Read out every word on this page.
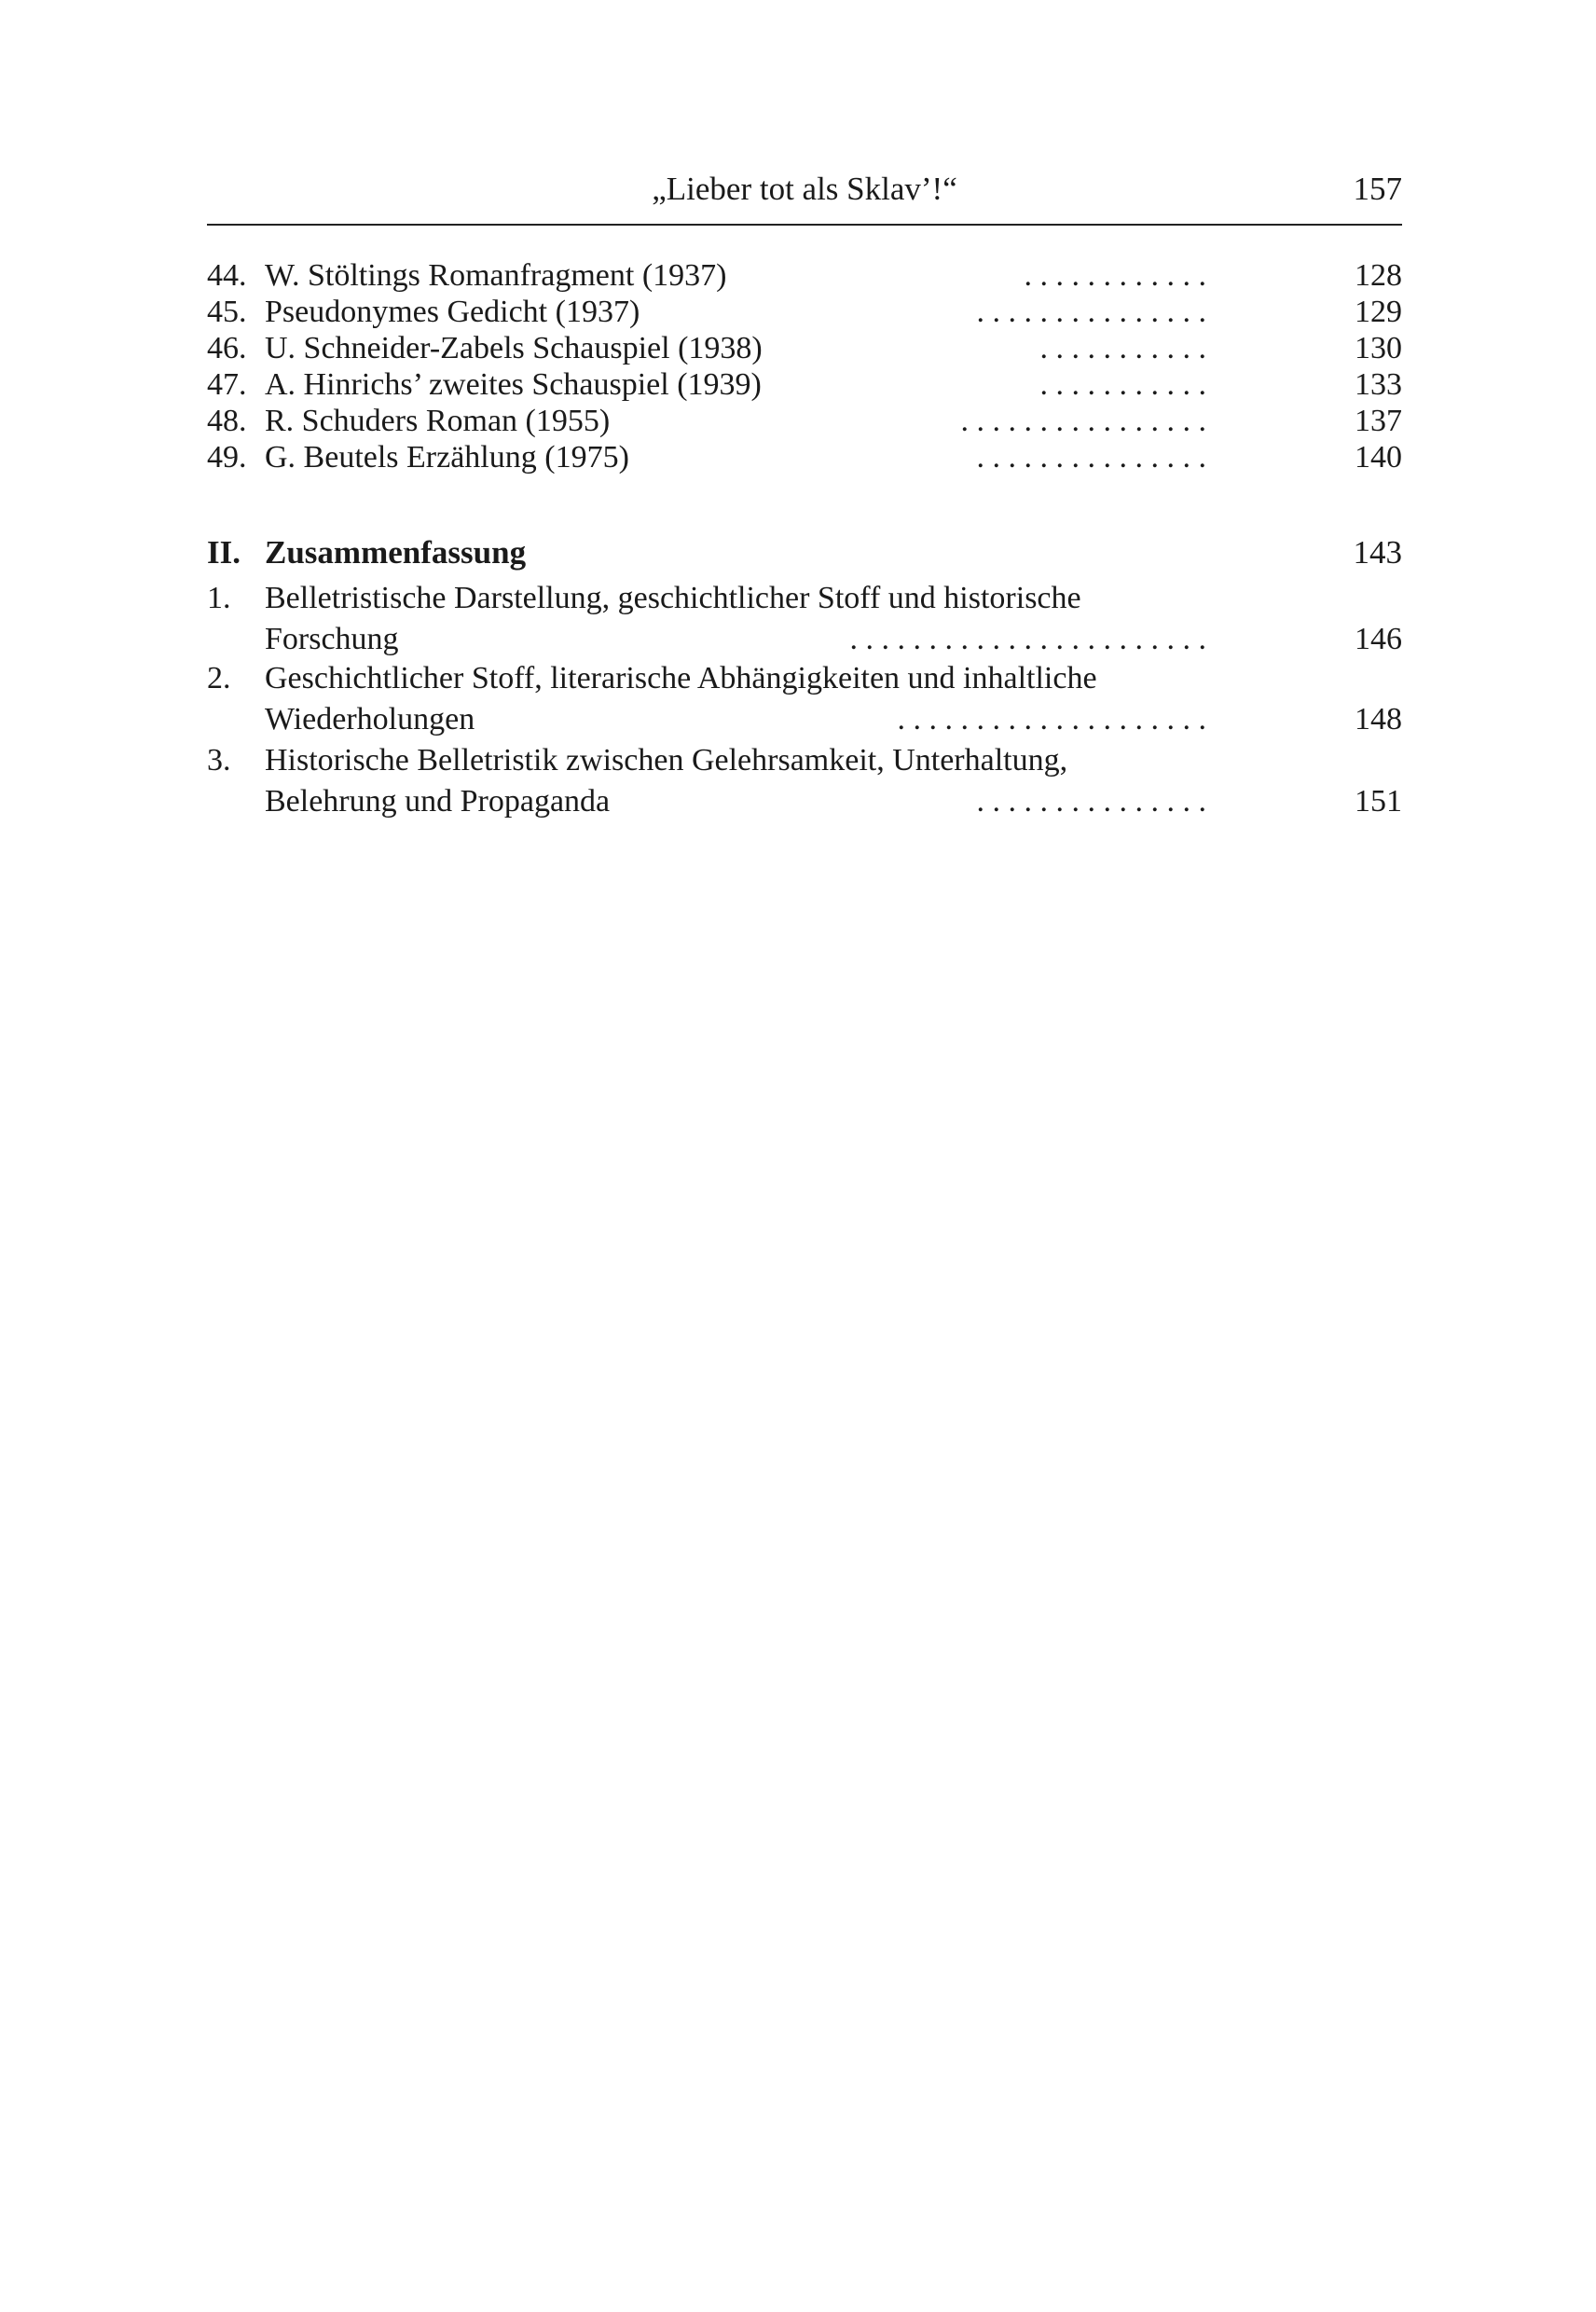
„Lieber tot als Sklav’!“	157
44. W. Stöltings Romanfragment (1937)	. . . . . . . . . . . .	128
45. Pseudonymes Gedicht (1937)	. . . . . . . . . . . . . . .	129
46. U. Schneider-Zabels Schauspiel (1938)	. . . . . . . . . . .	130
47. A. Hinrichs’ zweites Schauspiel (1939)	. . . . . . . . . . .	133
48. R. Schuders Roman (1955)	. . . . . . . . . . . . . . . .	137
49. G. Beutels Erzählung (1975)	. . . . . . . . . . . . . . .	140
II. Zusammenfassung	143
1. Belletristische Darstellung, geschichtlicher Stoff und historische
Forschung	. . . . . . . . . . . . . . . . . . . . . . .	146
2. Geschichtlicher Stoff, literarische Abhängigkeiten und inhaltliche
Wiederholungen	. . . . . . . . . . . . . . . . . . . .	148
3. Historische Belletristik zwischen Gelehrsamkeit, Unterhaltung,
Belehrung und Propaganda	. . . . . . . . . . . . . . .	151
